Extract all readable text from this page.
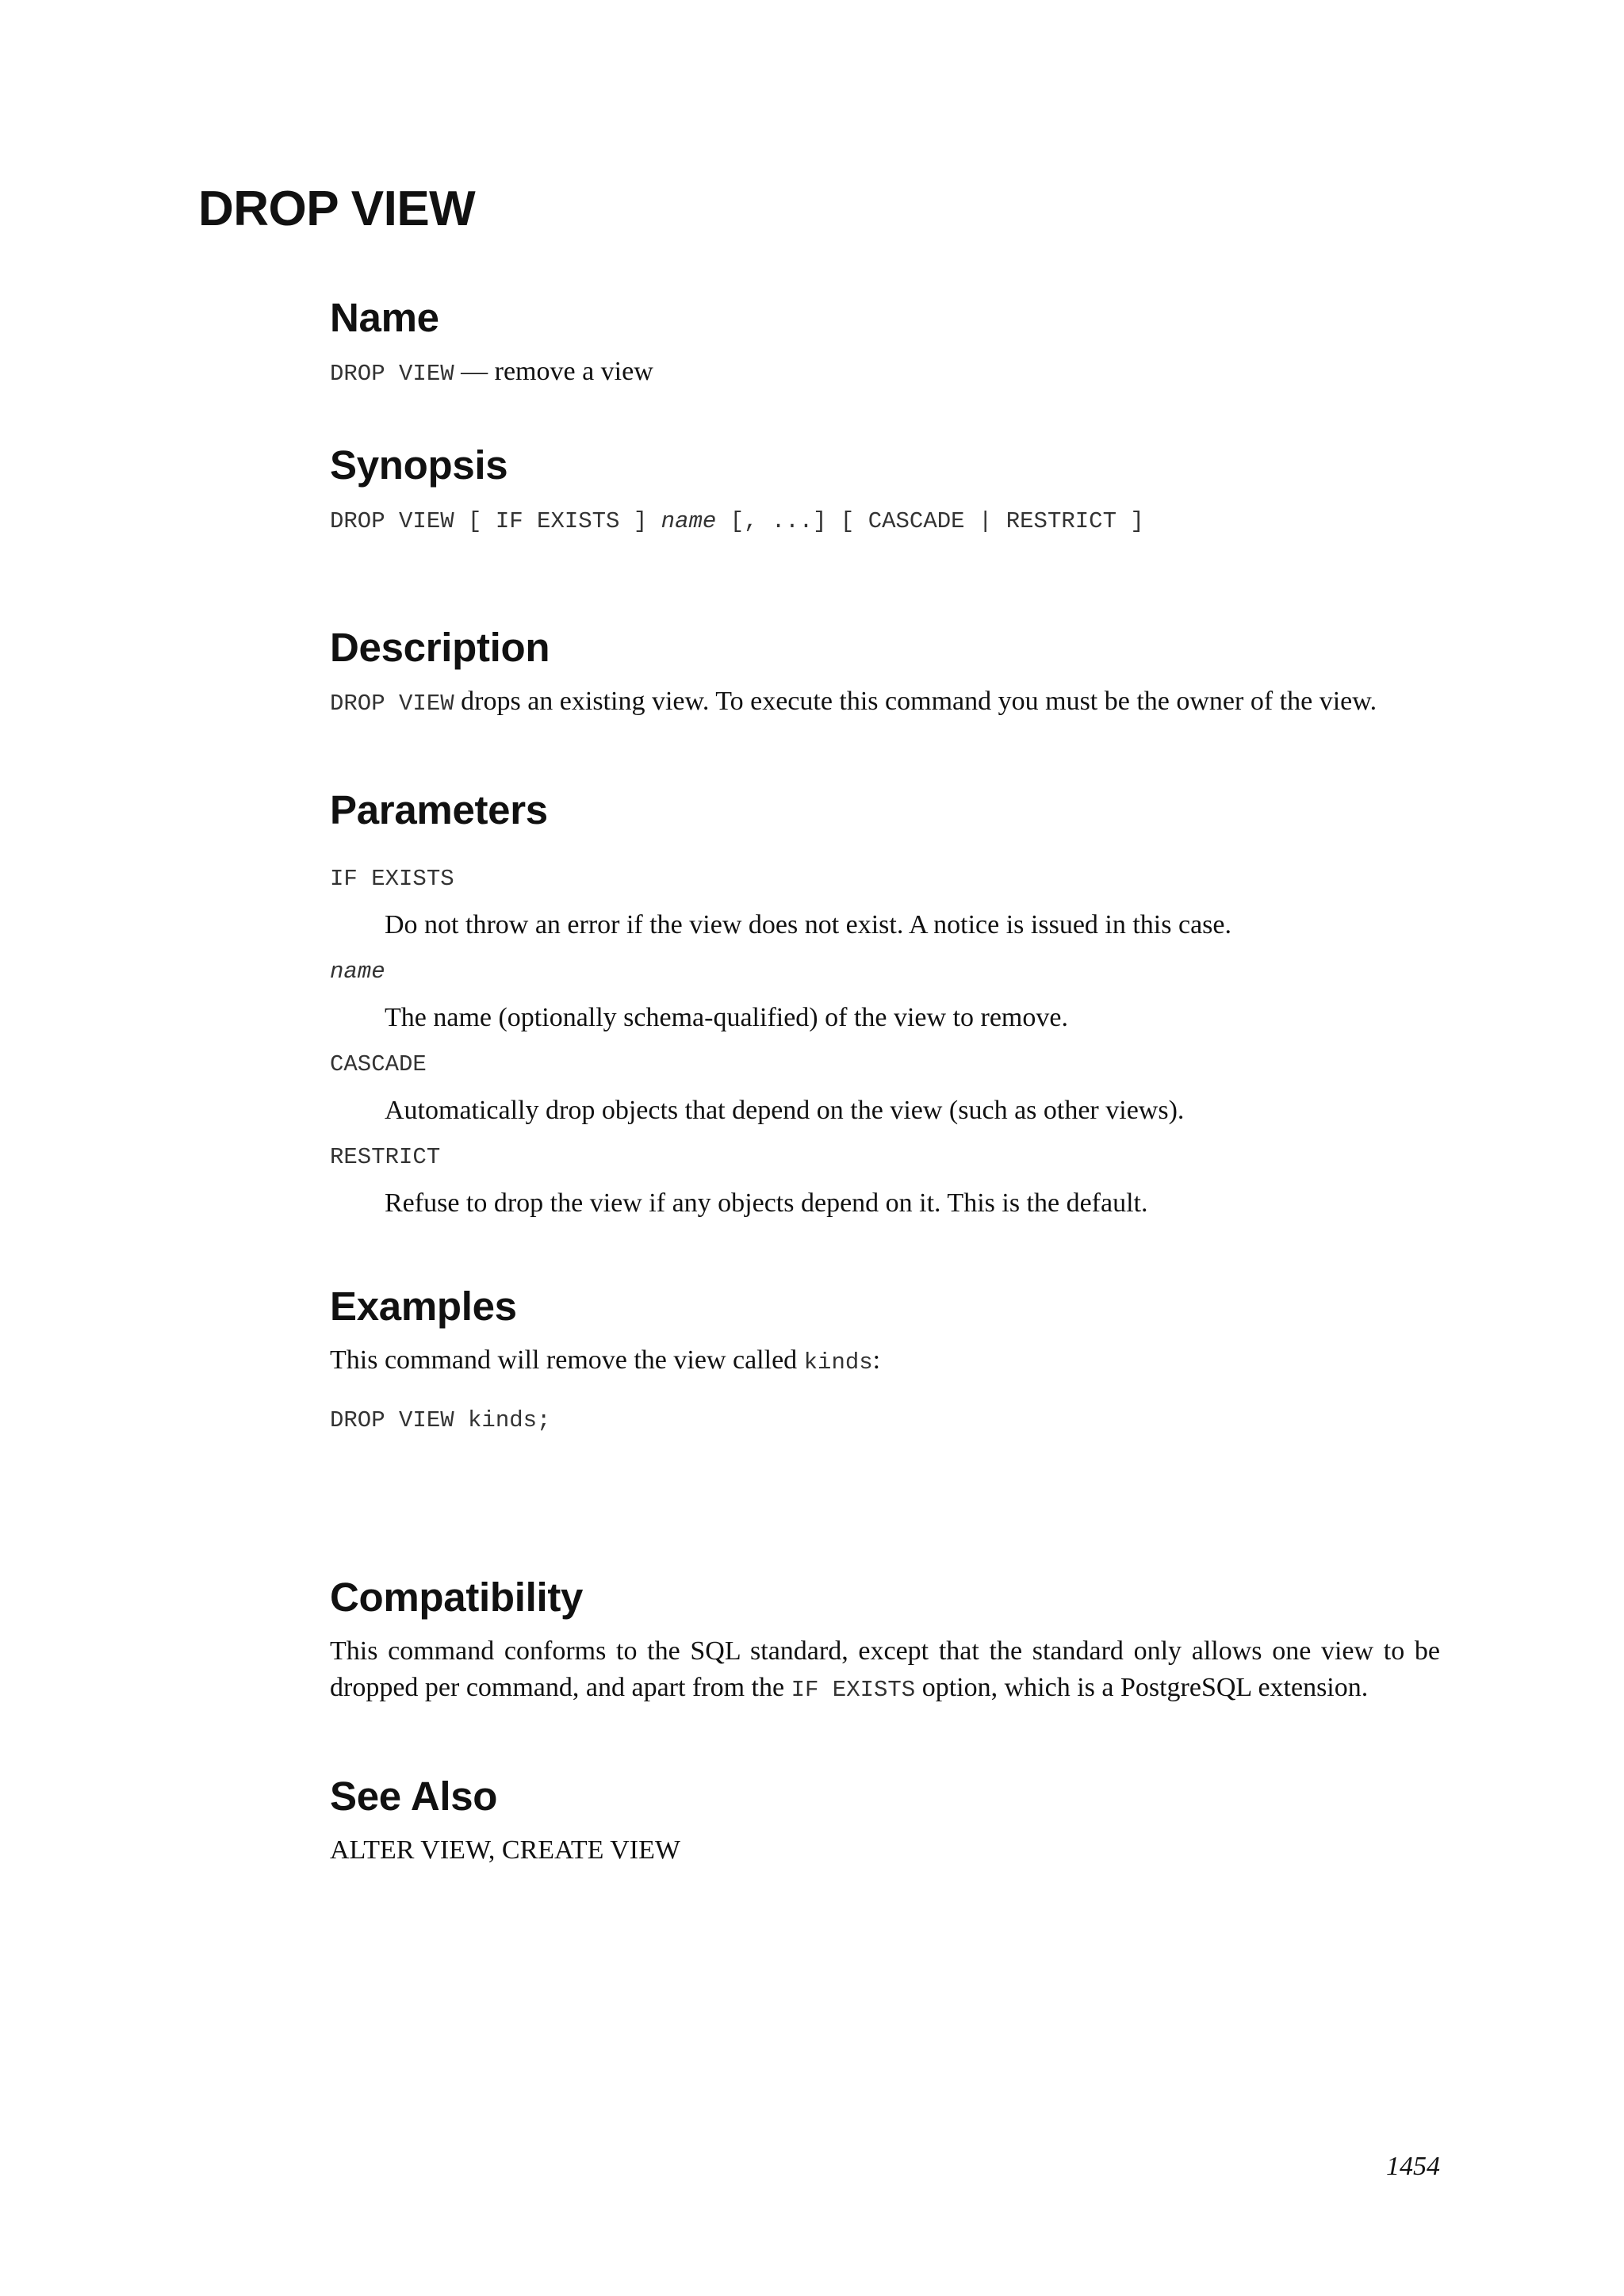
DROP VIEW
Name

DROP VIEW — remove a view

Synopsis

DROP VIEW [ IF EXISTS ] name [, ...] [ CASCADE | RESTRICT ]

Description

DROP VIEW drops an existing view. To execute this command you must be the owner of the view.

Parameters

IF EXISTS

Do not throw an error if the view does not exist. A notice is issued in this case.

name

The name (optionally schema-qualified) of the view to remove.

CASCADE

Automatically drop objects that depend on the view (such as other views).

RESTRICT

Refuse to drop the view if any objects depend on it. This is the default.

Examples

This command will remove the view called kinds:

DROP VIEW kinds;

Compatibility

This command conforms to the SQL standard, except that the standard only allows one view to be dropped per command, and apart from the IF EXISTS option, which is a PostgreSQL extension.

See Also

ALTER VIEW, CREATE VIEW

1454
